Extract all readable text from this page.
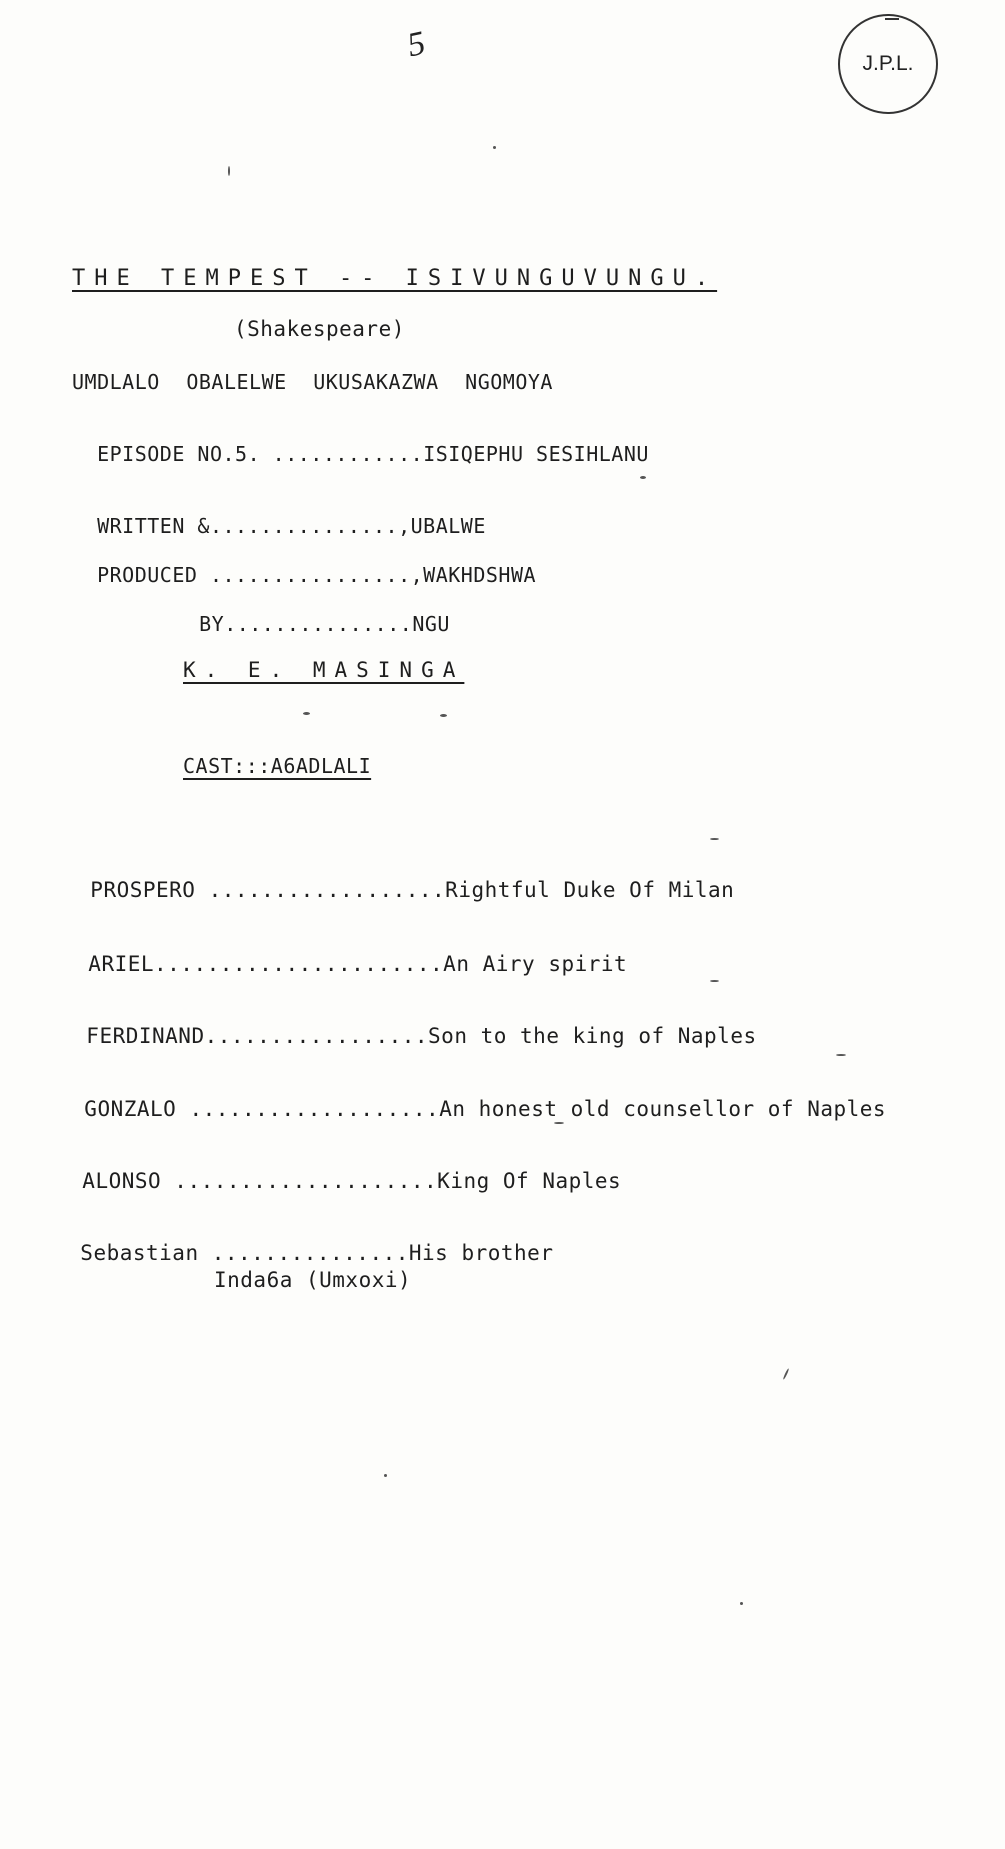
5	J.P.L.
THE TEMPEST -- ISIVUNGUVUNGU.
(Shakespeare)
UMDLALO OBALELWE UKUSAKAZWA NGOMOYA

EPISODE NO.5. ............ISIQEPHU SESIHLANU

WRITTEN &...............,UBALWE

PRODUCED ................,WAKHDSHWA

BY...............NGU

K. E. MASINGA
CAST:::A6ADLALI

PROSPERO ..................Rightful Duke Of Milan

ARIEL......................An Airy spirit

FERDINAND.................Son to the king of Naples

GONZALO ...................An honest old counsellor of Naples

ALONSO ....................King Of Naples

Sebastian ...............His brother

Inda6a (Umxoxi)
